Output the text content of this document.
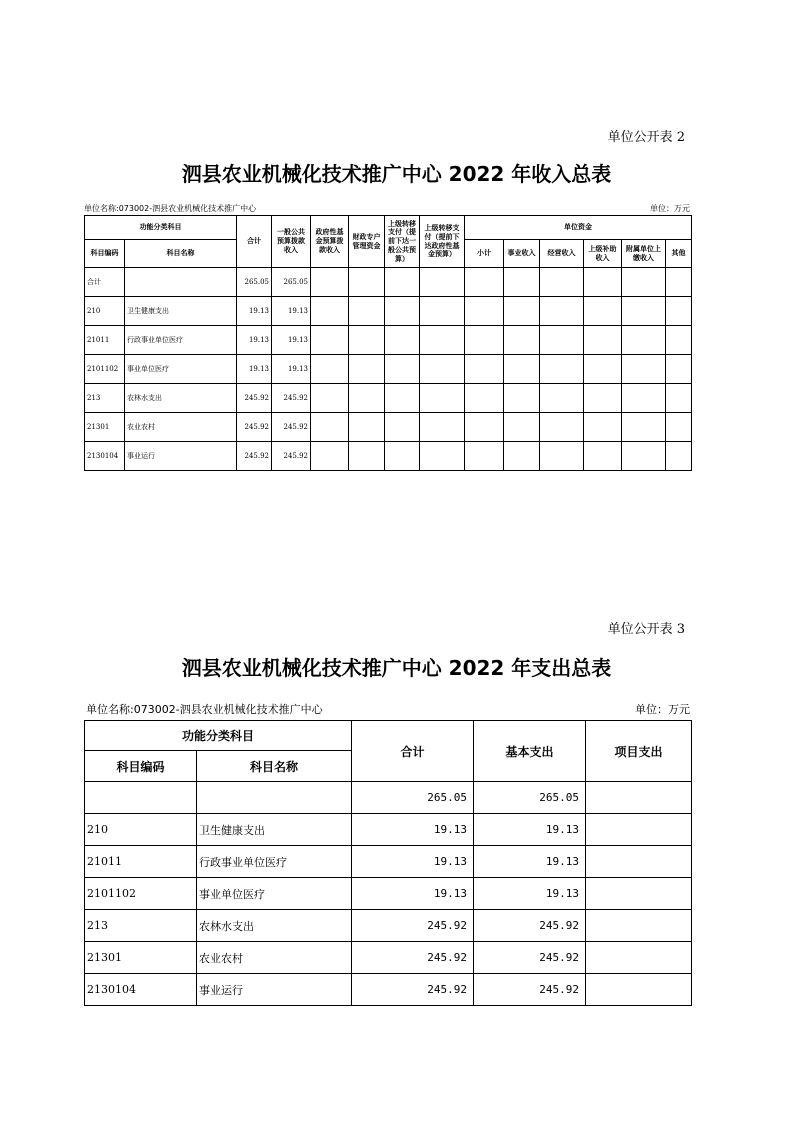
单位公开表 2
泗县农业机械化技术推广中心 2022 年收入总表
单位名称:073002-泗县农业机械化技术推广中心	单位：万元
功能分类科目		合计	一般公共预算拨款收入	政府性基金预算拨款收入	财政专户管理资金	上级转移支付（提前下达一般公共预算）	上级转移支付（提前下达政府性基金预算）	单位资金					
科目编码	科目名称							小计	事业收入	经营收入	上级补助收入	附属单位上缴收入	其他
合计		265.05	265.05										
210	卫生健康支出	19.13	19.13										
21011	行政事业单位医疗	19.13	19.13										
2101102	事业单位医疗	19.13	19.13										
213	农林水支出	245.92	245.92										
21301	农业农村	245.92	245.92										
2130104	事业运行	245.92	245.92										
单位公开表 3
泗县农业机械化技术推广中心 2022 年支出总表
单位名称:073002-泗县农业机械化技术推广中心	单位：万元
功能分类科目		合计	基本支出	项目支出
科目编码	科目名称			
		265.05	265.05	
210	卫生健康支出	19.13	19.13	
21011	行政事业单位医疗	19.13	19.13	
2101102	事业单位医疗	19.13	19.13	
213	农林水支出	245.92	245.92	
21301	农业农村	245.92	245.92	
2130104	事业运行	245.92	245.92	
